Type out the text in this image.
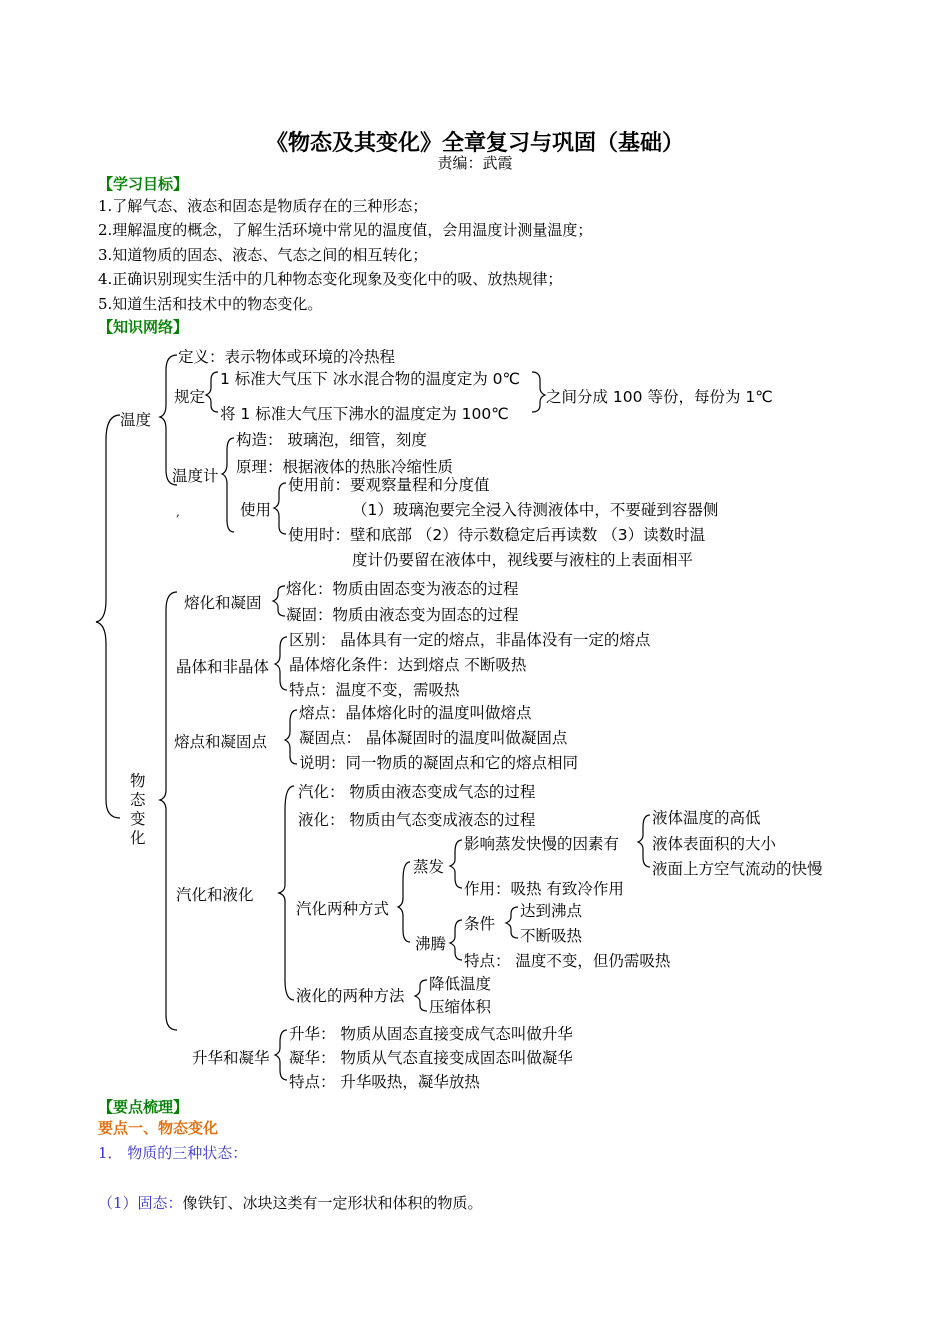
《物态及其变化》全章复习与巩固（基础）
责编：武霞
【学习目标】
1.了解气态、液态和固态是物质存在的三种形态；
2.理解温度的概念，了解生活环境中常见的温度值，会用温度计测量温度；
3.知道物质的固态、液态、气态之间的相互转化；
4.正确识别现实生活中的几种物态变化现象及变化中的吸、放热规律；
5.知道生活和技术中的物态变化。
【知识网络】
,
温度
定义：表示物体或环境的冷热程
规定
1 标准大气压下 冰水混合物的温度定为 0℃
将 1 标准大气压下沸水的温度定为 100℃
之间分成 100 等份，每份为 1℃
温度计
构造： 玻璃泡，细管，刻度
原理：根据液体的热胀冷缩性质
使用
使用前：要观察量程和分度值
（1）玻璃泡要完全浸入待测液体中，不要碰到容器侧
使用时：壁和底部 （2）待示数稳定后再读数 （3）读数时温
度计仍要留在液体中，视线要与液柱的上表面相平
物态变化
熔化和凝固
熔化：物质由固态变为液态的过程
凝固：物质由液态变为固态的过程
晶体和非晶体
区别： 晶体具有一定的熔点，非晶体没有一定的熔点
晶体熔化条件：达到熔点 不断吸热
特点：温度不变，需吸热
熔点和凝固点
熔点：晶体熔化时的温度叫做熔点
凝固点： 晶体凝固时的温度叫做凝固点
说明：同一物质的凝固点和它的熔点相同
汽化和液化
汽化： 物质由液态变成气态的过程
液化： 物质由气态变成液态的过程
汽化两种方式
蒸发
影响蒸发快慢的因素有
液体温度的高低
液体表面积的大小
液面上方空气流动的快慢
作用：吸热 有致冷作用
沸腾
条件
达到沸点
不断吸热
特点： 温度不变，但仍需吸热
液化的两种方法
降低温度
压缩体积
升华和凝华
升华： 物质从固态直接变成气态叫做升华
凝华： 物质从气态直接变成固态叫做凝华
特点： 升华吸热，凝华放热
【要点梳理】
要点一、物态变化
1． 物质的三种状态：
（1）固态：像铁钉、冰块这类有一定形状和体积的物质。
